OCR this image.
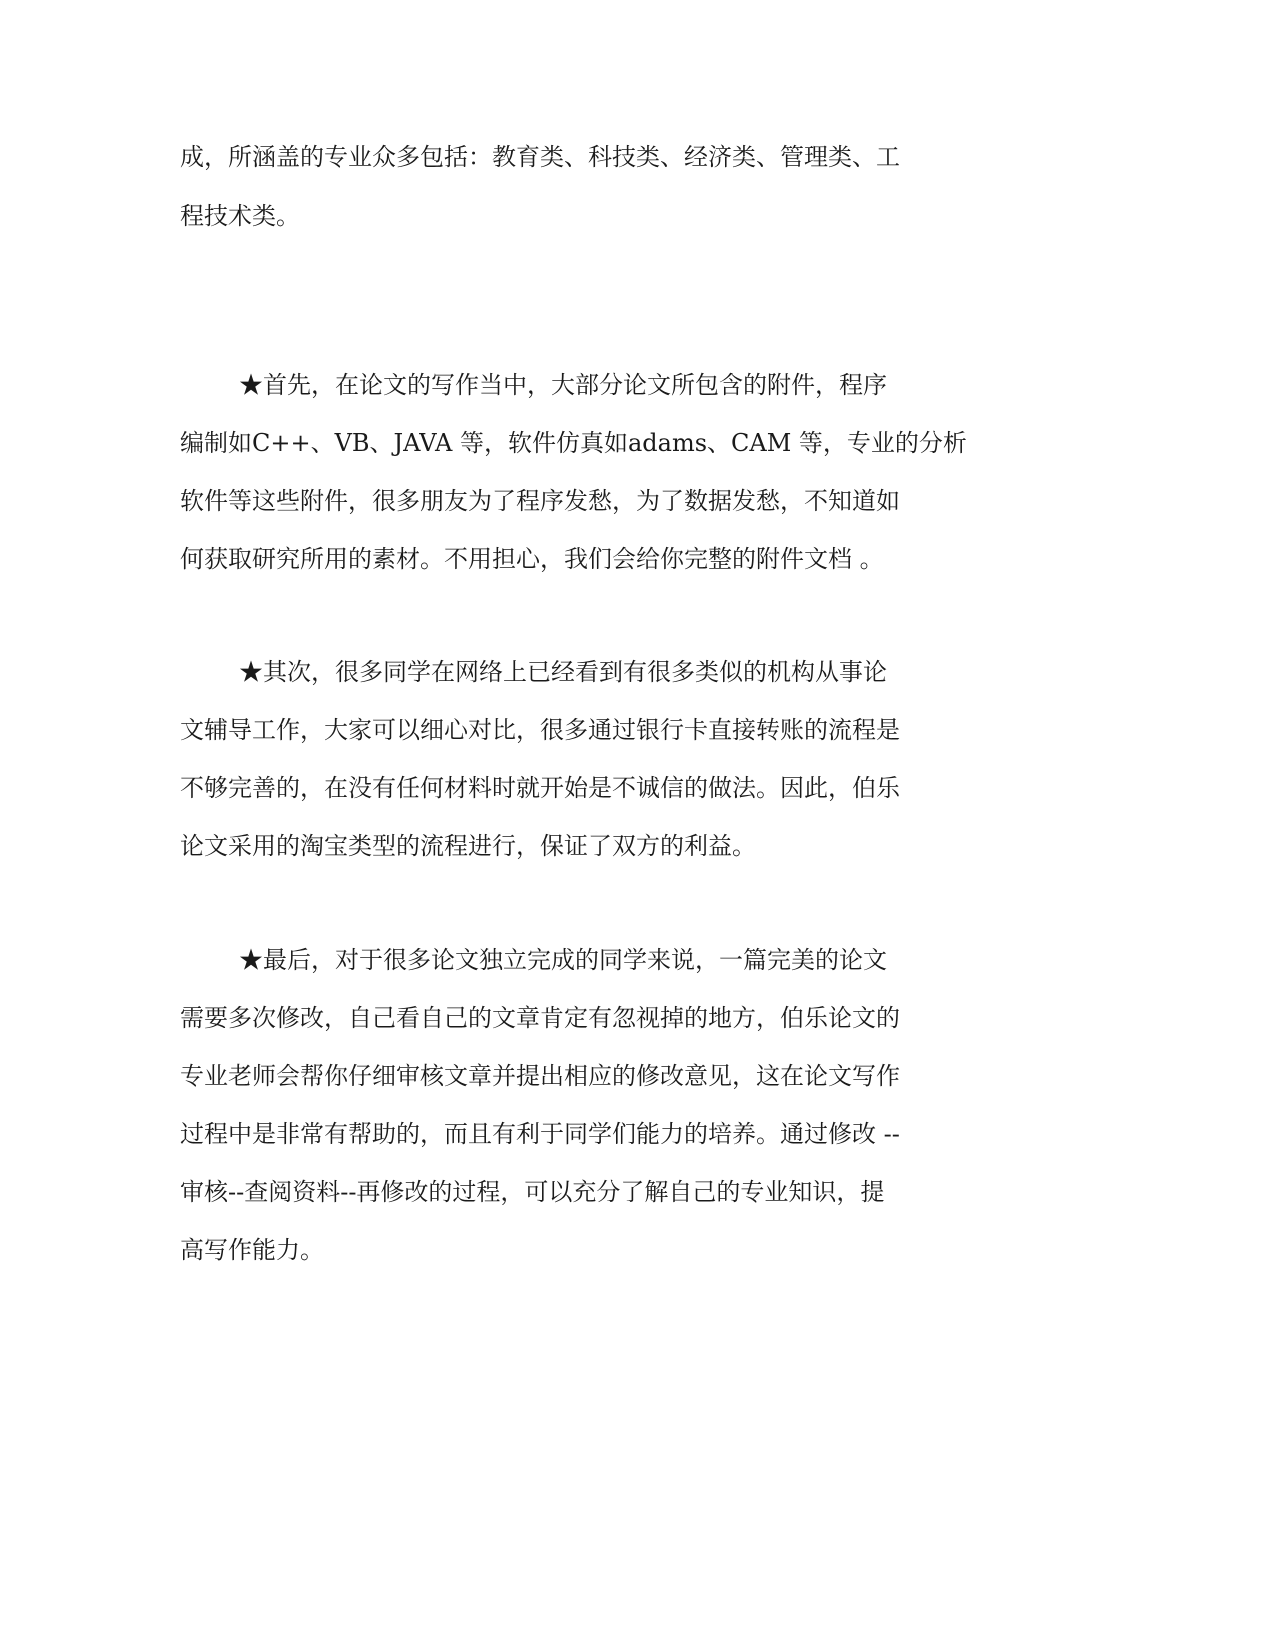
成，所涵盖的专业众多包括：教育类、科技类、经济类、管理类、工

程技术类。

★首先，在论文的写作当中，大部分论文所包含的附件，程序

编制如C++、VB、JAVA 等，软件仿真如adams、CAM 等，专业的分析

软件等这些附件，很多朋友为了程序发愁，为了数据发愁，不知道如

何获取研究所用的素材。不用担心，我们会给你完整的附件文档 。

★其次，很多同学在网络上已经看到有很多类似的机构从事论

文辅导工作，大家可以细心对比，很多通过银行卡直接转账的流程是

不够完善的，在没有任何材料时就开始是不诚信的做法。因此，伯乐

论文采用的淘宝类型的流程进行，保证了双方的利益。

★最后，对于很多论文独立完成的同学来说，一篇完美的论文

需要多次修改，自己看自己的文章肯定有忽视掉的地方，伯乐论文的

专业老师会帮你仔细审核文章并提出相应的修改意见，这在论文写作

过程中是非常有帮助的，而且有利于同学们能力的培养。通过修改 --

审核--查阅资料--再修改的过程，可以充分了解自己的专业知识，提

高写作能力。
